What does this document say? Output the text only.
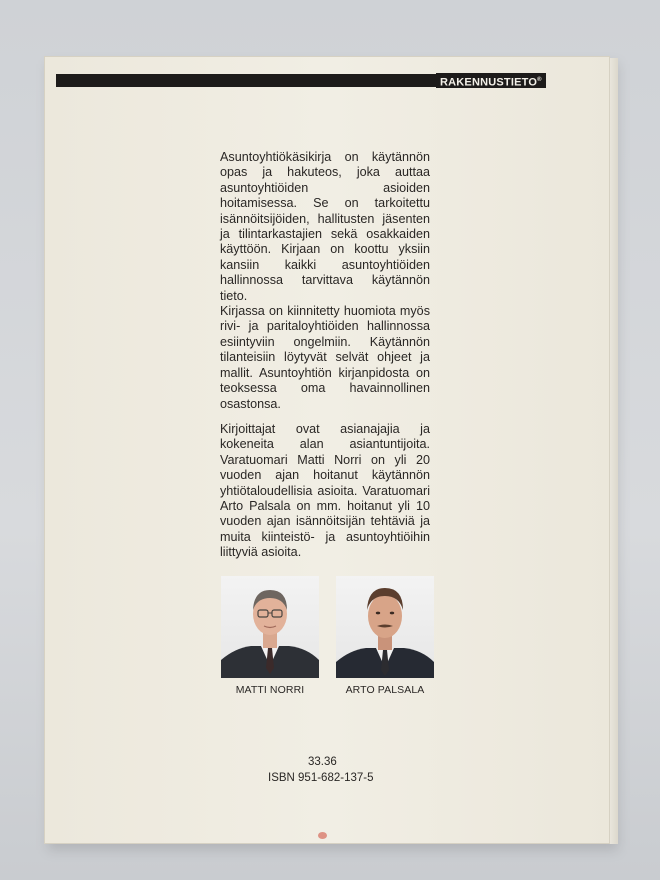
RAKENNUSTIETO®

Asuntoyhtiökäsikirja on käytännön opas ja hakuteos, joka auttaa asuntoyhtiöiden asioiden hoitamisessa. Se on tarkoitettu isännöitsijöiden, hallitusten jäsenten ja tilintarkastajien sekä osakkaiden käyttöön. Kirjaan on koottu yksiin kansiin kaikki asuntoyhtiöiden hallinnossa tarvittava käytännön tieto.

Kirjassa on kiinnitetty huomiota myös rivi- ja paritaloyhtiöiden hallinnossa esiintyviin ongelmiin. Käytännön tilanteisiin löytyvät selvät ohjeet ja mallit. Asuntoyhtiön kirjanpidosta on teoksessa oma havainnollinen osastonsa.

Kirjoittajat ovat asianajajia ja kokeneita alan asiantuntijoita. Varatuomari Matti Norri on yli 20 vuoden ajan hoitanut käytännön yhtiötaloudellisia asioita. Varatuomari Arto Palsala on mm. hoitanut yli 10 vuoden ajan isännöitsijän tehtäviä ja muita kiinteistö- ja asuntoyhtiöihin liittyviä asioita.

MATTI NORRI	ARTO PALSALA
33.36
ISBN 951-682-137-5
